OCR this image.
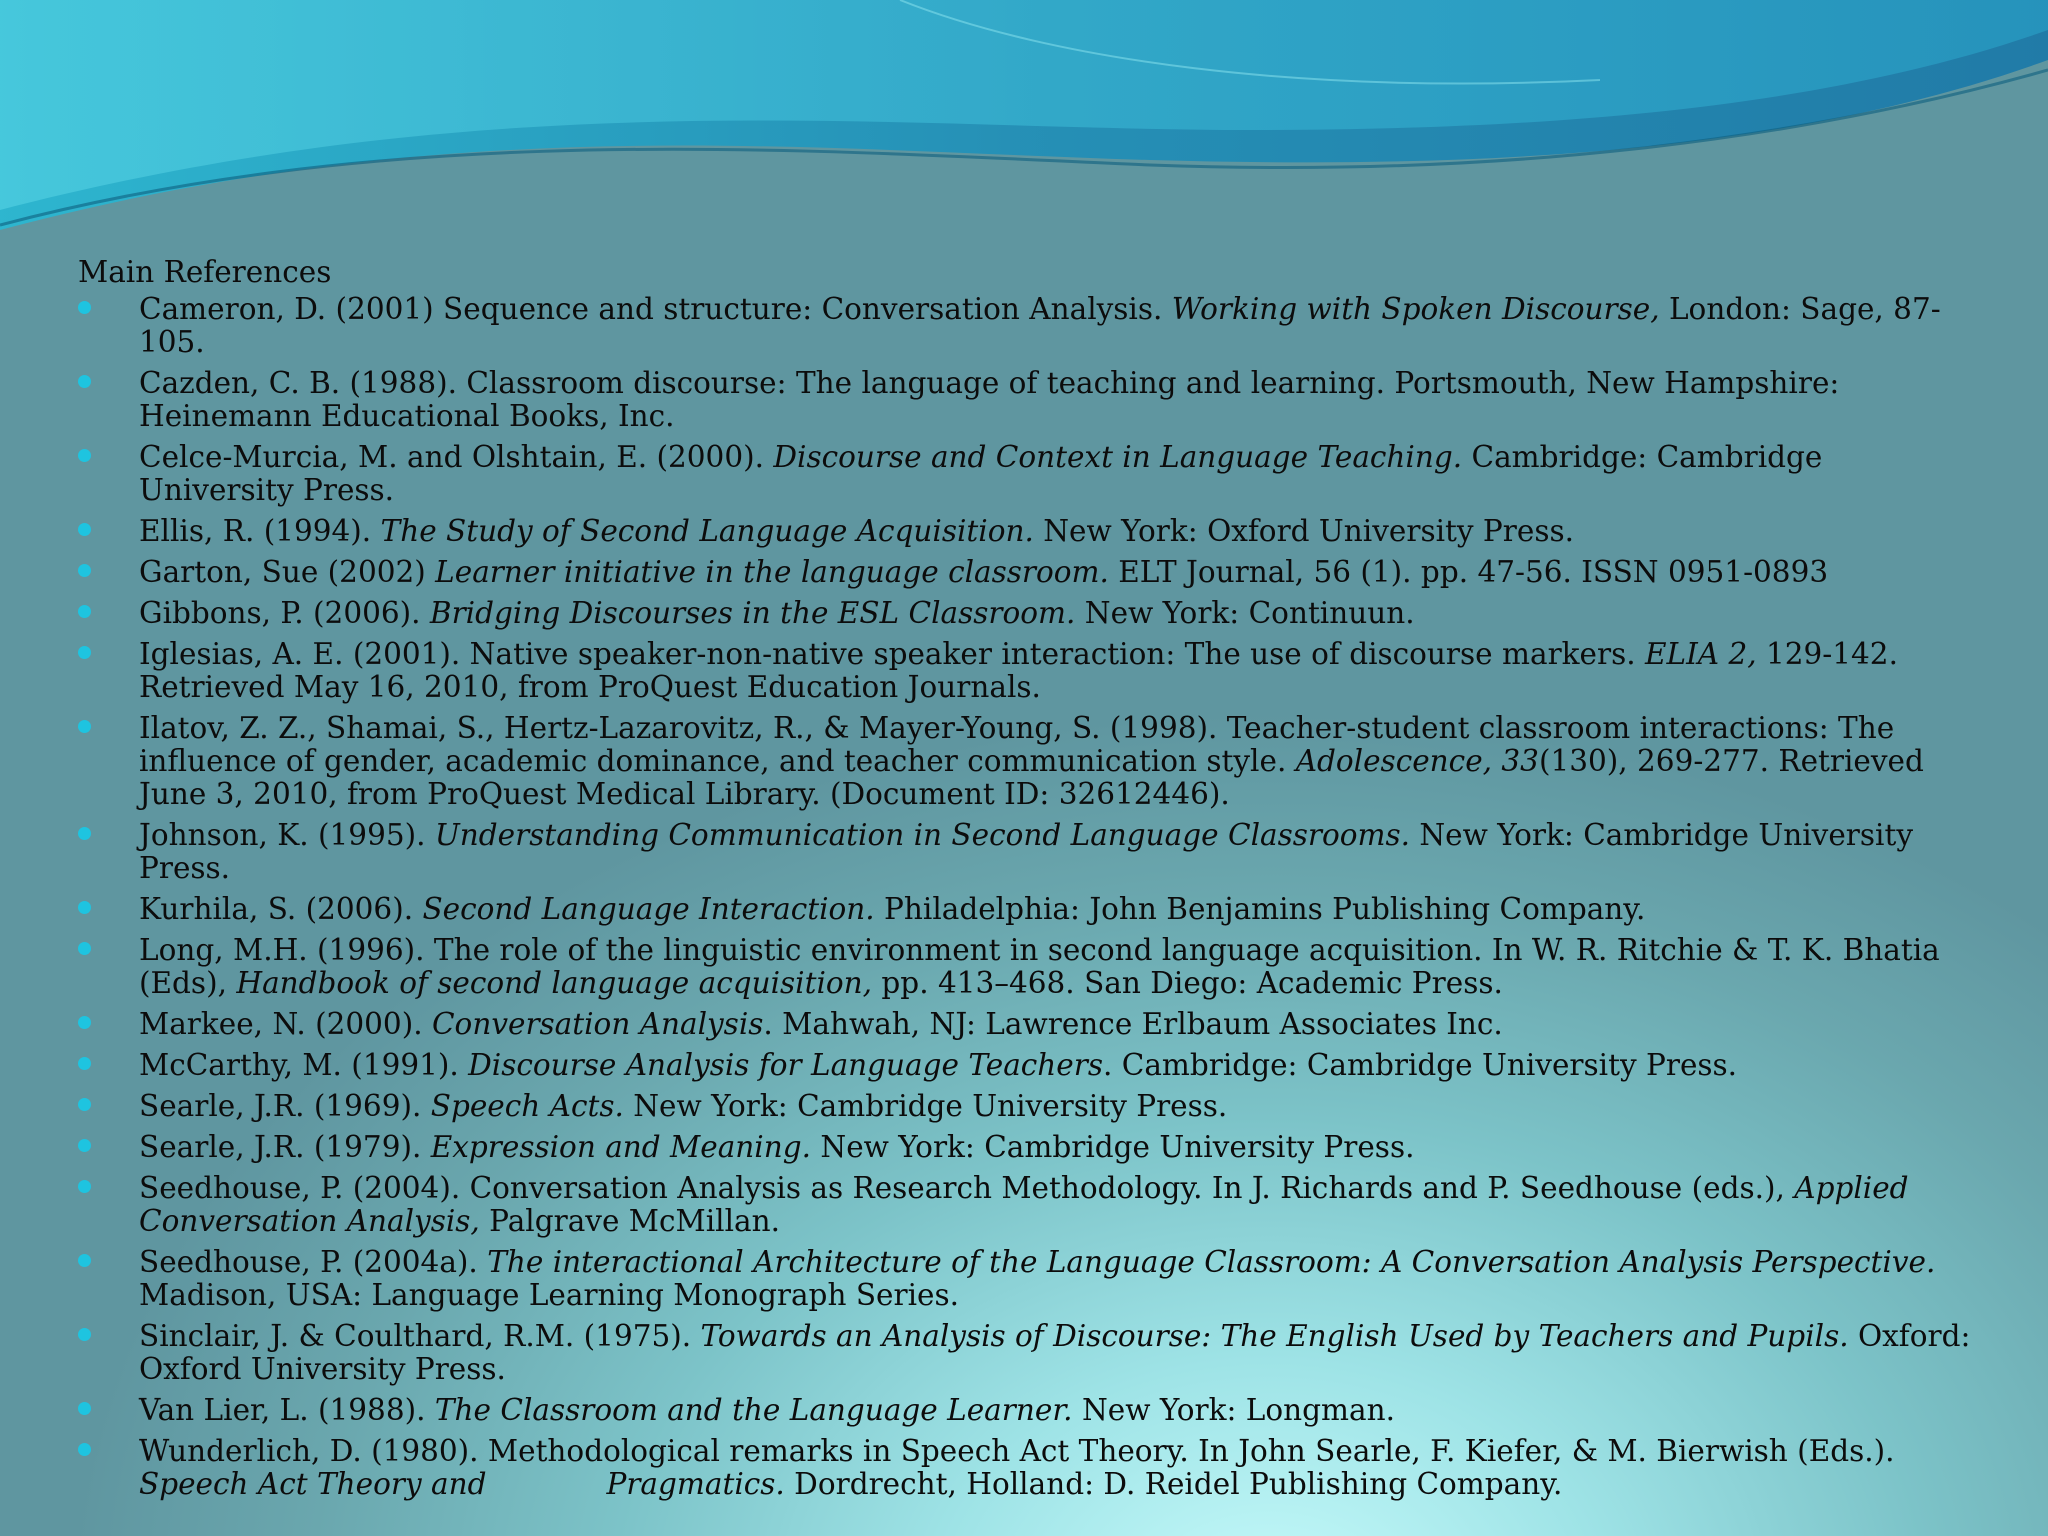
Main References
Cameron, D. (2001) Sequence and structure: Conversation Analysis. Working with Spoken Discourse, London: Sage, 87-105.
Cazden, C. B. (1988). Classroom discourse: The language of teaching and learning. Portsmouth, New Hampshire: Heinemann Educational Books, Inc.
Celce-Murcia, M. and Olshtain, E. (2000). Discourse and Context in Language Teaching. Cambridge: Cambridge University Press.
Ellis, R. (1994). The Study of Second Language Acquisition. New York: Oxford University Press.
Garton, Sue (2002) Learner initiative in the language classroom. ELT Journal, 56 (1). pp. 47-56. ISSN 0951-0893
Gibbons, P. (2006). Bridging Discourses in the ESL Classroom. New York: Continuun.
Iglesias, A. E. (2001). Native speaker-non-native speaker interaction: The use of discourse markers. ELIA 2, 129-142. Retrieved May 16, 2010, from ProQuest Education Journals.
Ilatov, Z. Z., Shamai, S., Hertz-Lazarovitz, R., & Mayer-Young, S. (1998). Teacher-student classroom interactions: The influence of gender, academic dominance, and teacher communication style. Adolescence, 33(130), 269-277. Retrieved June 3, 2010, from ProQuest Medical Library. (Document ID: 32612446).
Johnson, K. (1995). Understanding Communication in Second Language Classrooms. New York: Cambridge University Press.
Kurhila, S. (2006). Second Language Interaction. Philadelphia: John Benjamins Publishing Company.
Long, M.H. (1996). The role of the linguistic environment in second language acquisition. In W. R. Ritchie & T. K. Bhatia (Eds), Handbook of second language acquisition, pp. 413–468. San Diego: Academic Press.
Markee, N. (2000). Conversation Analysis. Mahwah, NJ: Lawrence Erlbaum Associates Inc.
McCarthy, M. (1991). Discourse Analysis for Language Teachers. Cambridge: Cambridge University Press.
Searle, J.R. (1969). Speech Acts. New York: Cambridge University Press.
Searle, J.R. (1979). Expression and Meaning. New York: Cambridge University Press.
Seedhouse, P. (2004). Conversation Analysis as Research Methodology. In J. Richards and P. Seedhouse (eds.), Applied Conversation Analysis, Palgrave McMillan.
Seedhouse, P. (2004a). The interactional Architecture of the Language Classroom: A Conversation Analysis Perspective. Madison, USA: Language Learning Monograph Series.
Sinclair, J. & Coulthard, R.M. (1975). Towards an Analysis of Discourse: The English Used by Teachers and Pupils. Oxford: Oxford University Press.
Van Lier, L. (1988). The Classroom and the Language Learner. New York: Longman.
Wunderlich, D. (1980). Methodological remarks in Speech Act Theory. In John Searle, F. Kiefer, & M. Bierwish (Eds.). Speech Act Theory and	Pragmatics. Dordrecht, Holland: D. Reidel Publishing Company.
